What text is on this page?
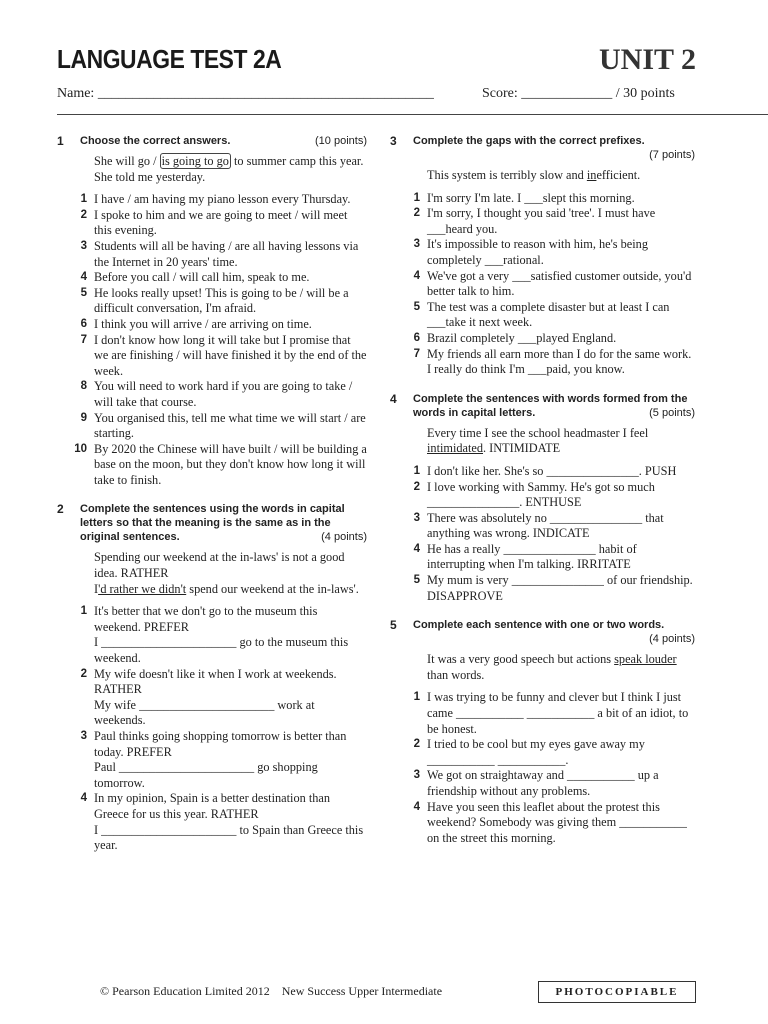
LANGUAGE TEST 2A	UNIT 2
Name: ________________________________________________	Score: _____________ / 30 points
1 Choose the correct answers.	(10 points)
She will go / is going to go to summer camp this year. She told me yesterday.
1 I have / am having my piano lesson every Thursday.
2 I spoke to him and we are going to meet / will meet this evening.
3 Students will all be having / are all having lessons via the Internet in 20 years' time.
4 Before you call / will call him, speak to me.
5 He looks really upset! This is going to be / will be a difficult conversation, I'm afraid.
6 I think you will arrive / are arriving on time.
7 I don't know how long it will take but I promise that we are finishing / will have finished it by the end of the week.
8 You will need to work hard if you are going to take / will take that course.
9 You organised this, tell me what time we will start / are starting.
10 By 2020 the Chinese will have built / will be building a base on the moon, but they don't know how long it will take to finish.
2 Complete the sentences using the words in capital letters so that the meaning is the same as in the original sentences.	(4 points)
Spending our weekend at the in-laws' is not a good idea. RATHER
I'd rather we didn't spend our weekend at the in-laws'.
1 It's better that we don't go to the museum this weekend. PREFER
I ______________________ go to the museum this weekend.
2 My wife doesn't like it when I work at weekends. RATHER
My wife ______________________ work at weekends.
3 Paul thinks going shopping tomorrow is better than today. PREFER
Paul ______________________ go shopping tomorrow.
4 In my opinion, Spain is a better destination than Greece for us this year. RATHER
I ______________________ to Spain than Greece this year.
3 Complete the gaps with the correct prefixes.
(7 points)
This system is terribly slow and inefficient.
1 I'm sorry I'm late. I ___slept this morning.
2 I'm sorry, I thought you said 'tree'. I must have ___heard you.
3 It's impossible to reason with him, he's being completely ___rational.
4 We've got a very ___satisfied customer outside, you'd better talk to him.
5 The test was a complete disaster but at least I can ___take it next week.
6 Brazil completely ___played England.
7 My friends all earn more than I do for the same work. I really do think I'm ___paid, you know.
4 Complete the sentences with words formed from the words in capital letters.	(5 points)
Every time I see the school headmaster I feel intimidated. INTIMIDATE
1 I don't like her. She's so _______________. PUSH
2 I love working with Sammy. He's got so much _______________. ENTHUSE
3 There was absolutely no _______________ that anything was wrong. INDICATE
4 He has a really _______________ habit of interrupting when I'm talking. IRRITATE
5 My mum is very _______________ of our friendship. DISAPPROVE
5 Complete each sentence with one or two words.
(4 points)
It was a very good speech but actions speak louder than words.
1 I was trying to be funny and clever but I think I just came ___________ ___________ a bit of an idiot, to be honest.
2 I tried to be cool but my eyes gave away my ___________ ___________.
3 We got on straightaway and ___________ up a friendship without any problems.
4 Have you seen this leaflet about the protest this weekend? Somebody was giving them ___________ on the street this morning.
© Pearson Education Limited 2012    New Success Upper Intermediate	PHOTOCOPIABLE
